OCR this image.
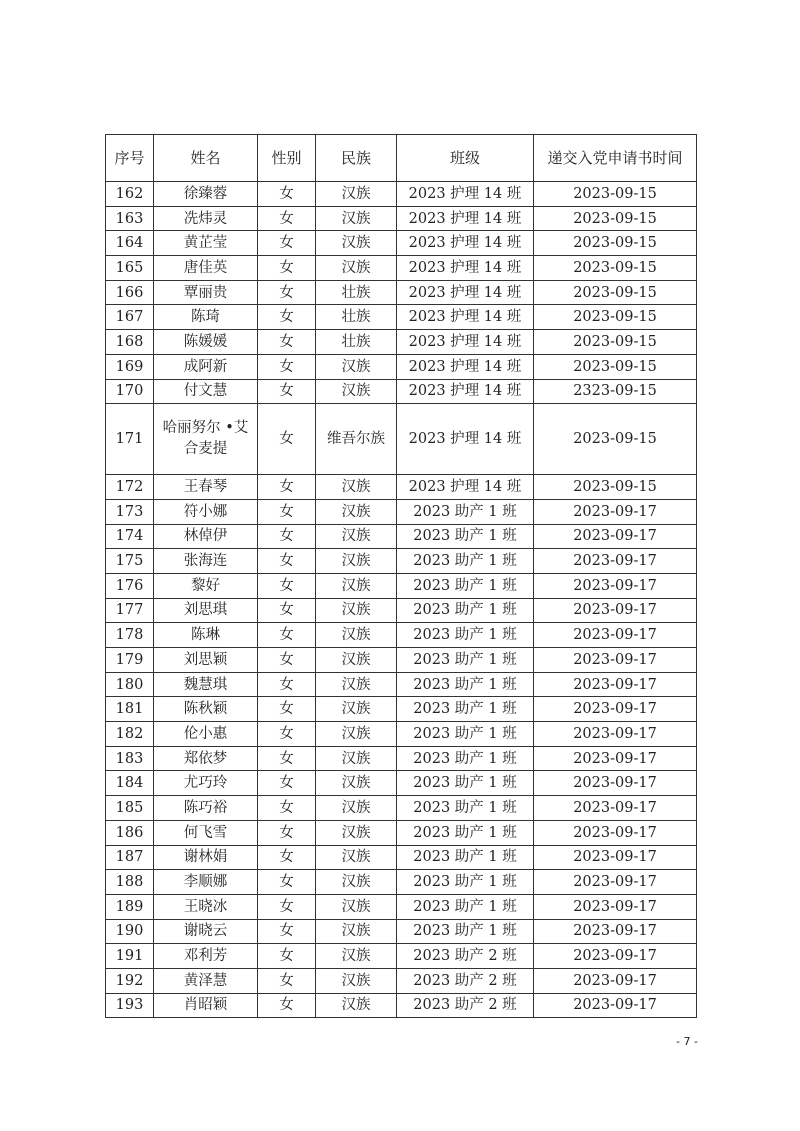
序号	姓名	性别	民族	班级	递交入党申请书时间
162	徐臻蓉	女	汉族	2023 护理 14 班	2023-09-15
163	冼炜灵	女	汉族	2023 护理 14 班	2023-09-15
164	黄芷莹	女	汉族	2023 护理 14 班	2023-09-15
165	唐佳英	女	汉族	2023 护理 14 班	2023-09-15
166	覃丽贵	女	壮族	2023 护理 14 班	2023-09-15
167	陈琦	女	壮族	2023 护理 14 班	2023-09-15
168	陈媛媛	女	壮族	2023 护理 14 班	2023-09-15
169	成阿新	女	汉族	2023 护理 14 班	2023-09-15
170	付文慧	女	汉族	2023 护理 14 班	2323-09-15
171	哈丽努尔 •艾合麦提	女	维吾尔族	2023 护理 14 班	2023-09-15
172	王春琴	女	汉族	2023 护理 14 班	2023-09-15
173	符小娜	女	汉族	2023 助产 1 班	2023-09-17
174	林倬伊	女	汉族	2023 助产 1 班	2023-09-17
175	张海连	女	汉族	2023 助产 1 班	2023-09-17
176	黎好	女	汉族	2023 助产 1 班	2023-09-17
177	刘思琪	女	汉族	2023 助产 1 班	2023-09-17
178	陈琳	女	汉族	2023 助产 1 班	2023-09-17
179	刘思颖	女	汉族	2023 助产 1 班	2023-09-17
180	魏慧琪	女	汉族	2023 助产 1 班	2023-09-17
181	陈秋颖	女	汉族	2023 助产 1 班	2023-09-17
182	伦小惠	女	汉族	2023 助产 1 班	2023-09-17
183	郑依梦	女	汉族	2023 助产 1 班	2023-09-17
184	尤巧玲	女	汉族	2023 助产 1 班	2023-09-17
185	陈巧裕	女	汉族	2023 助产 1 班	2023-09-17
186	何飞雪	女	汉族	2023 助产 1 班	2023-09-17
187	谢林娟	女	汉族	2023 助产 1 班	2023-09-17
188	李顺娜	女	汉族	2023 助产 1 班	2023-09-17
189	王晓冰	女	汉族	2023 助产 1 班	2023-09-17
190	谢晓云	女	汉族	2023 助产 1 班	2023-09-17
191	邓利芳	女	汉族	2023 助产 2 班	2023-09-17
192	黄泽慧	女	汉族	2023 助产 2 班	2023-09-17
193	肖昭颖	女	汉族	2023 助产 2 班	2023-09-17
- 7 -
